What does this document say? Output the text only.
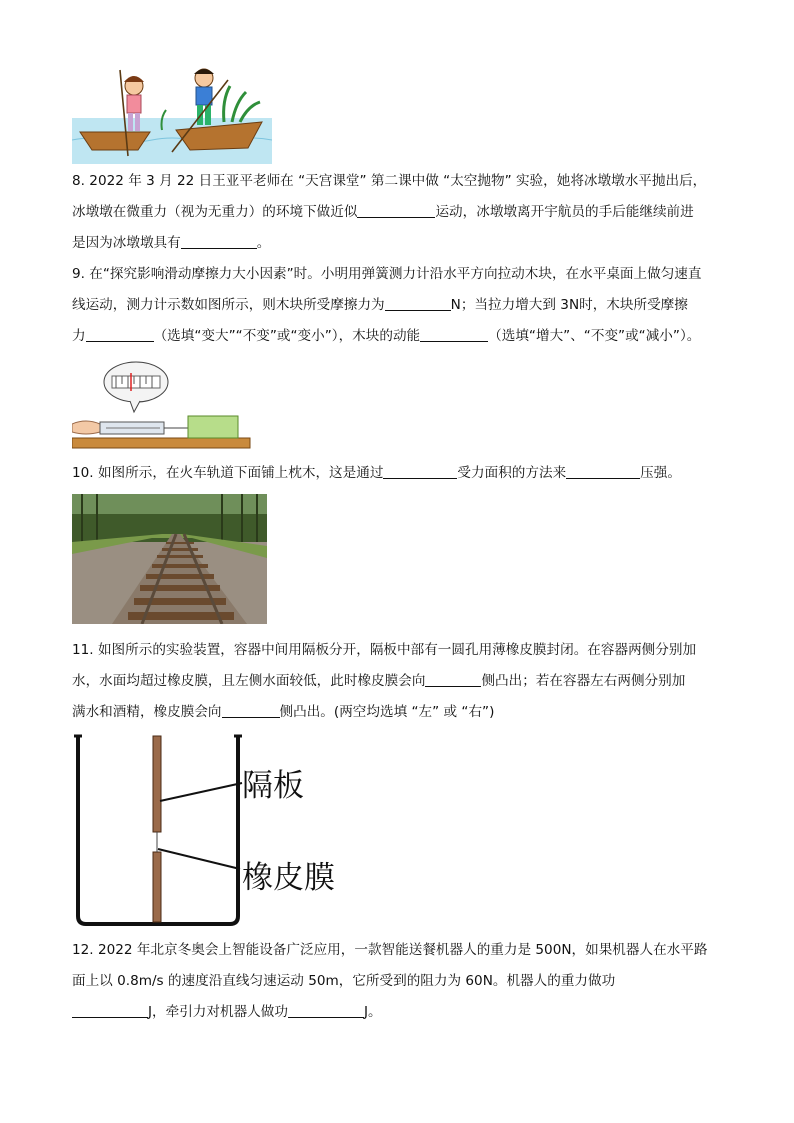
8. 2022 年 3 月 22 日王亚平老师在 “天宫课堂” 第二课中做 “太空抛物” 实验，她将冰墩墩水平抛出后，
冰墩墩在微重力（视为无重力）的环境下做近似	运动，冰墩墩离开宇航员的手后能继续前进
是因为冰墩墩具有	。
9. 在“探究影响滑动摩擦力大小因素”时。小明用弹簧测力计沿水平方向拉动木块，在水平桌面上做匀速直
线运动，测力计示数如图所示，则木块所受摩擦力为	N；当拉力增大到 3N时，木块所受摩擦
力	（选填“变大”“不变”或“变小”），木块的动能	（选填“增大”、“不变”或“减小”）。
10. 如图所示，在火车轨道下面铺上枕木，这是通过	受力面积的方法来	压强。
11. 如图所示的实验装置，容器中间用隔板分开，隔板中部有一圆孔用薄橡皮膜封闭。在容器两侧分别加
水，水面均超过橡皮膜，且左侧水面较低，此时橡皮膜会向	侧凸出；若在容器左右两侧分别加
满水和酒精，橡皮膜会向	侧凸出。(两空均选填 “左” 或 “右”)
隔板
橡皮膜
12. 2022 年北京冬奥会上智能设备广泛应用，一款智能送餐机器人的重力是 500N，如果机器人在水平路
面上以 0.8m/s 的速度沿直线匀速运动 50m，它所受到的阻力为 60N。机器人的重力做功
J，牵引力对机器人做功	J。
